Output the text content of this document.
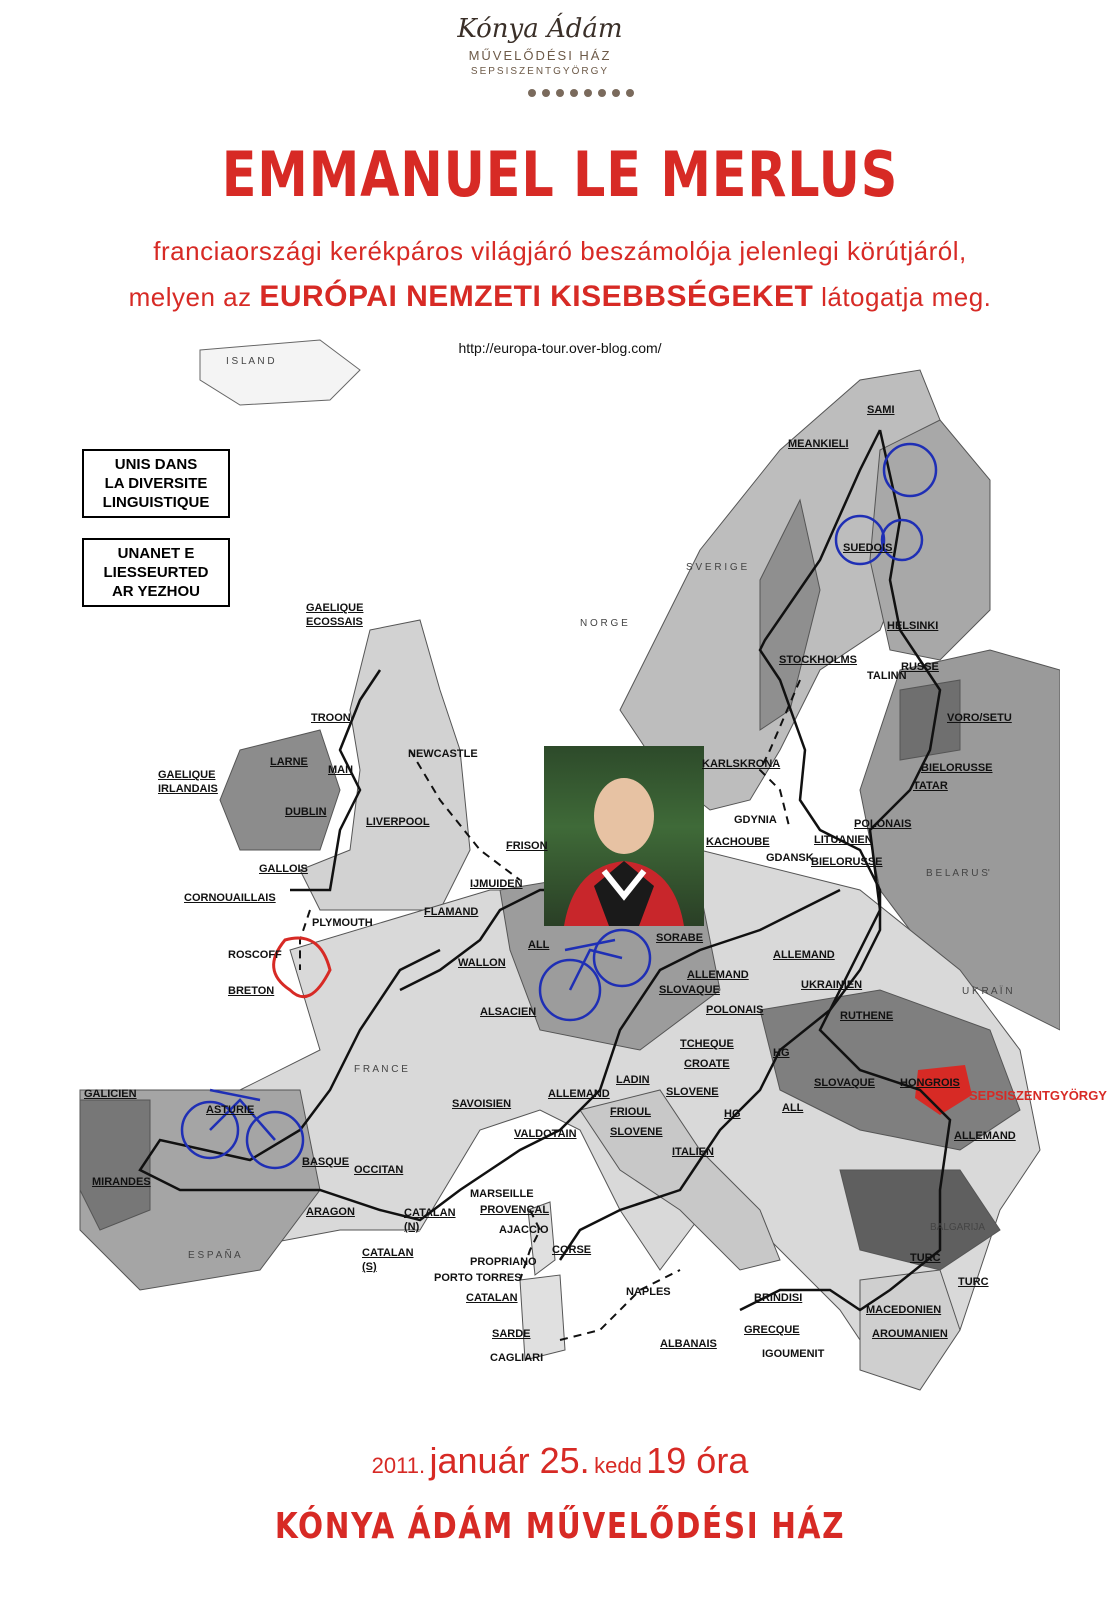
Kónya Ádám
MŰVELŐDÉSI HÁZ
SEPSISZENTGYÖRGY
EMMANUEL LE MERLUS
franciaországi kerékpáros világjáró beszámolója jelenlegi körútjáról,
melyen az EURÓPAI NEMZETI KISEBBSÉGEKET látogatja meg.
http://europa-tour.over-blog.com/
UNIS DANS
LA DIVERSITE
LINGUISTIQUE
UNANET E
LIESSEURTED
AR YEZHOU
SAMI
MEANKIELI
SUEDOIS
HELSINKI
STOCKHOLMS
RUSSE
TALINN
VORO/SETU
BIELORUSSE
TATAR
POLONAIS
LITUANIEN
BIELORUSSE
KARLSKRONA
GDYNIA
KACHOUBE
GDANSK
GAELIQUE
ECOSSAIS
TROON
NEWCASTLE
LARNE
MAN
GAELIQUE
IRLANDAIS
DUBLIN
LIVERPOOL
GALLOIS
CORNOUAILLAIS
PLYMOUTH
ROSCOFF
BRETON
FRISON
IJMUIDEN
FLAMAND
ALL
WALLON
SORABE
ALLEMAND
ALLEMAND
SLOVAQUE
POLONAIS
UKRAINIEN
RUTHENE
ALSACIEN
TCHEQUE
CROATE
HG
SLOVAQUE HONGROIS
SEPSISZENTGYÖRGY
ALLEMAND
ALL
LADIN
ALLEMAND	SLOVENE
SAVOISIEN
FRIOUL	HG
VALDOTAIN	SLOVENE
ITALIEN
GALICIEN
ASTURIE
MIRANDES
BASQUE
OCCITAN
MARSEILLE
PROVENCAL
ARAGON	CATALAN
(N)
CATALAN
(S)
AJACCIO
CORSE
PROPRIANO
PORTO TORRES
CATALAN
SARDE
CAGLIARI
NAPLES	BRINDISI
GRECQUE
ALBANAIS
IGOUMENIT
MACEDONIEN
AROUMANIEN
TURC
TURC
N O R G E
S V E R I G E
F R A N C E
E S P A Ñ A
U K R A Ï N
B E L A R U S'
I S L A N D
BALGARIJA
2011. január 25. kedd 19 óra
KÓNYA ÁDÁM MŰVELŐDÉSI HÁZ
